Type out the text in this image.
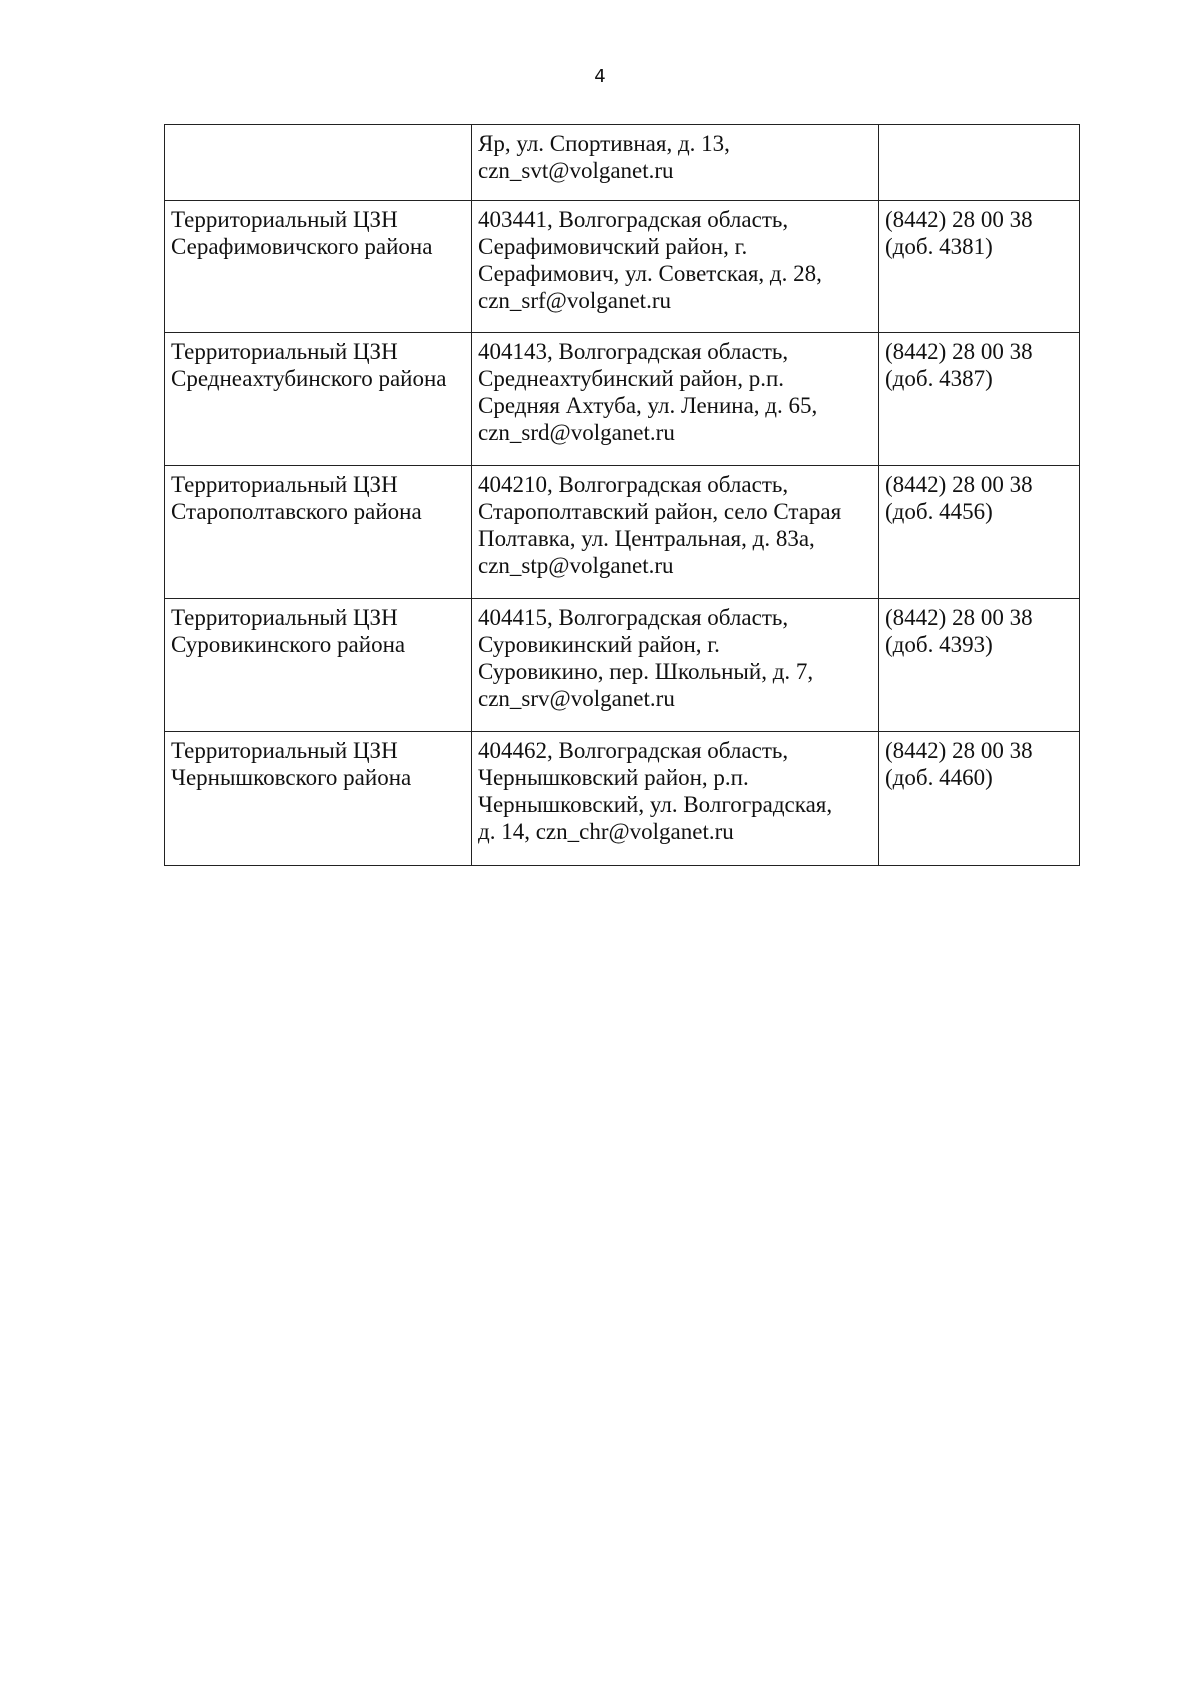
4
	Яр, ул. Спортивная, д. 13,
czn_svt@volganet.ru	
Территориальный ЦЗН
Серафимовичского района	403441, Волгоградская область,
Серафимовичский район, г.
Серафимович, ул. Советская, д. 28,
czn_srf@volganet.ru	(8442) 28 00 38
(доб. 4381)
Территориальный ЦЗН
Среднеахтубинского района	404143, Волгоградская область,
Среднеахтубинский район, р.п.
Средняя Ахтуба, ул. Ленина, д. 65,
czn_srd@volganet.ru	(8442) 28 00 38
(доб. 4387)
Территориальный ЦЗН
Старополтавского района	404210, Волгоградская область,
Старополтавский район, село Старая
Полтавка, ул. Центральная, д. 83а,
czn_stp@volganet.ru	(8442) 28 00 38
(доб. 4456)
Территориальный ЦЗН
Суровикинского района	404415, Волгоградская область,
Суровикинский район, г.
Суровикино, пер. Школьный, д. 7,
czn_srv@volganet.ru	(8442) 28 00 38
(доб. 4393)
Территориальный ЦЗН
Чернышковского района	404462, Волгоградская область,
Чернышковский район, р.п.
Чернышковский, ул. Волгоградская,
д. 14, czn_chr@volganet.ru	(8442) 28 00 38
(доб. 4460)
